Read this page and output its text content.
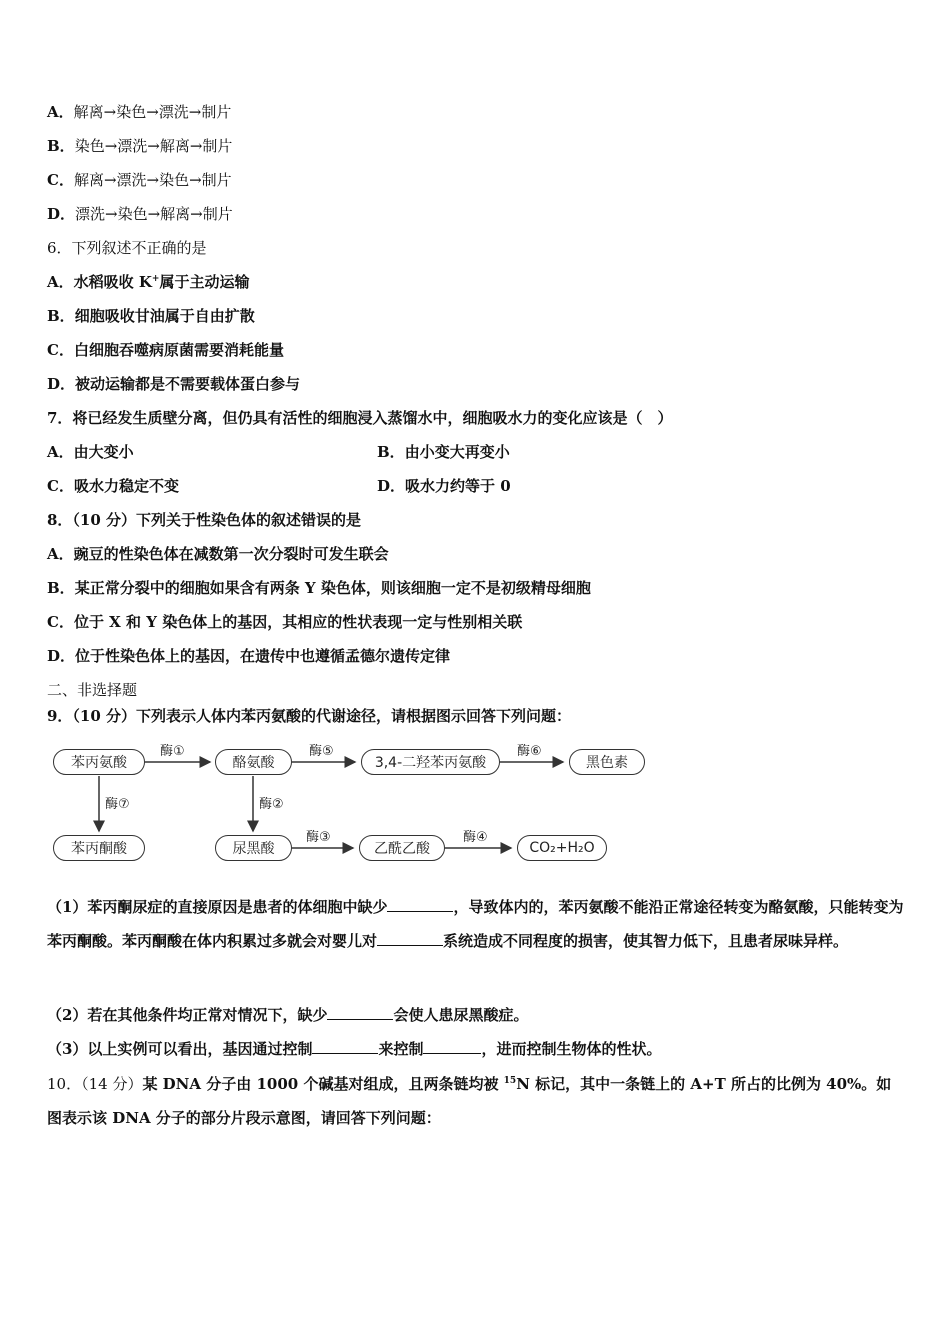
A．解离→染色→漂洗→制片
B．染色→漂洗→解离→制片
C．解离→漂洗→染色→制片
D．漂洗→染色→解离→制片
6．下列叙述不正确的是
A．水稻吸收 K+属于主动运输
B．细胞吸收甘油属于自由扩散
C．白细胞吞噬病原菌需要消耗能量
D．被动运输都是不需要载体蛋白参与
7．将已经发生质壁分离，但仍具有活性的细胞浸入蒸馏水中，细胞吸水力的变化应该是（　）
A．由大变小	B．由小变大再变小
C．吸水力稳定不变	D．吸水力约等于 0
8．（10 分）下列关于性染色体的叙述错误的是
A．豌豆的性染色体在减数第一次分裂时可发生联会
B．某正常分裂中的细胞如果含有两条 Y 染色体，则该细胞一定不是初级精母细胞
C．位于 X 和 Y 染色体上的基因，其相应的性状表现一定与性别相关联
D．位于性染色体上的基因，在遗传中也遵循孟德尔遗传定律
二、非选择题
9．（10 分）下列表示人体内苯丙氨酸的代谢途径，请根据图示回答下列问题：
苯丙氨酸	酪氨酸	3,4-二羟苯丙氨酸	黑色素
苯丙酮酸	尿黑酸	乙酰乙酸	CO₂+H₂O
酶①	酶⑤	酶⑥
酶⑦	酶②
酶③	酶④

（1）苯丙酮尿症的直接原因是患者的体细胞中缺少	，导致体内的，苯丙氨酸不能沿正常途径转变为酪氨酸，只能转变为苯丙酮酸。苯丙酮酸在体内积累过多就会对婴儿对	系统造成不同程度的损害，使其智力低下，且患者尿味异样。

（2）若在其他条件均正常对情况下，缺少	会使人患尿黑酸症。

（3）以上实例可以看出，基因通过控制	来控制	，进而控制生物体的性状。

10．（14 分）某 DNA 分子由 1000 个碱基对组成，且两条链均被 $^{15}$N 标记，其中一条链上的 A+T 所占的比例为 40%。如图表示该 DNA 分子的部分片段示意图，请回答下列问题：
